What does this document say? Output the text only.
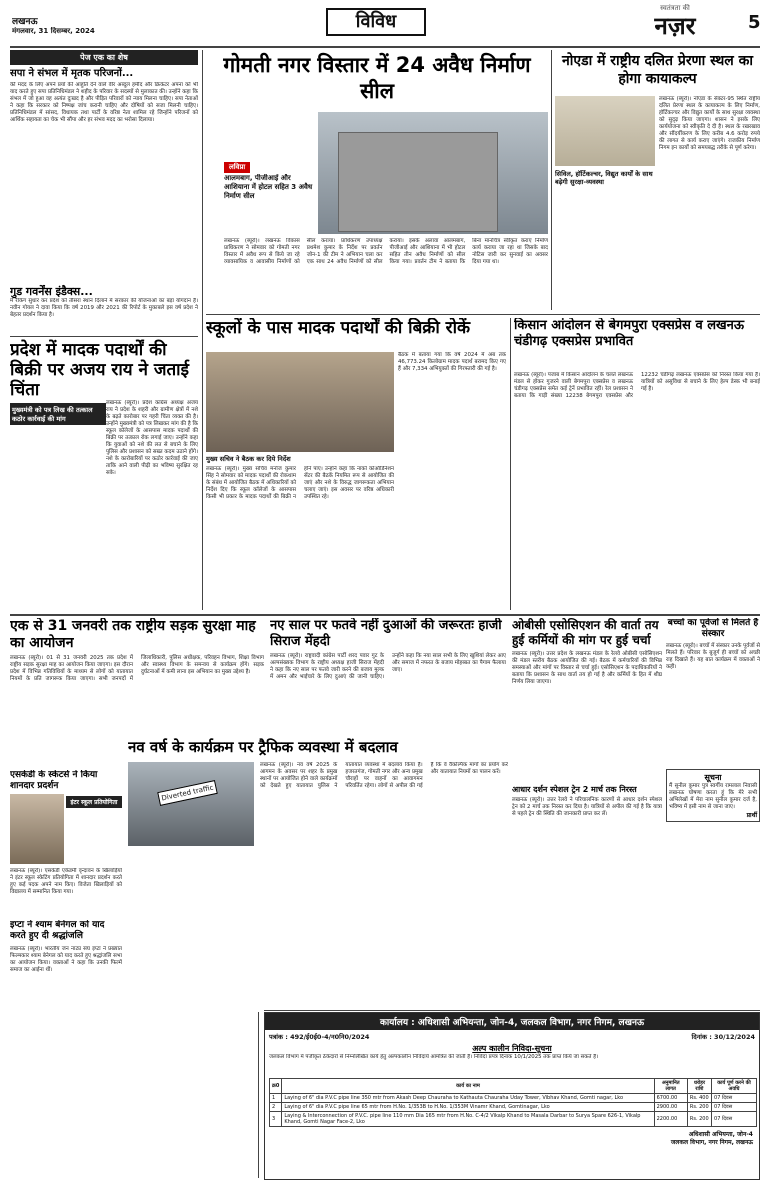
लखनऊ
मंगलवार, 31 दिसम्बर, 2024	विविध
स्वतंत्रता की
नज़र	5
पेज एक का शेष
सपा ने संभल में मृतक परिजनों...
की मदद के लिए अपने प्रयों की आहुति देने वाले वीर अब्दुल हमीद और क्रिकेटर अपना को भी याद करते हुए सपा प्रतिनिधिमंडल ने शहीद के परिवार के सदस्यों से मुलाकात की। उन्होंने कहा कि संभल में जो हुआ वह अत्यंत दुःखद है और पीड़ित परिवारों को न्याय मिलना चाहिए। सपा नेताओं ने कहा कि सरकार को निष्पक्ष जांच करानी चाहिए और दोषियों को सजा मिलनी चाहिए। प्रतिनिधिमंडल में सांसद, विधायक तथा पार्टी के वरिष्ठ नेता शामिल रहे जिन्होंने परिजनों को आर्थिक सहायता का चेक भी सौंपा और हर संभव मदद का भरोसा दिलाया।
गुड गवर्नेंस इंडैक्स...
में रैंकिंग सुधार कर प्रदेश को तीसरा स्थान दिलाने में सरकार की योजनाओं का बड़ा योगदान है। नवीन गोयल ने दावा किया कि वर्ष 2019 और 2021 की रिपोर्ट के मुकाबले इस वर्ष प्रदेश ने बेहतर प्रदर्शन किया है।
प्रदेश में मादक पदार्थों की बिक्री पर अजय राय ने जताई चिंता
मुख्यमंत्री को पत्र लिख की तत्काल कठोर कार्रवाई की मांग
लखनऊ (ब्यूरो)। प्रदेश कांग्रेस अध्यक्ष अजय राय ने प्रदेश के शहरी और ग्रामीण क्षेत्रों में नशे के बढ़ते कारोबार पर गहरी चिंता व्यक्त की है। उन्होंने मुख्यमंत्री को पत्र लिखकर मांग की है कि स्कूल कॉलेजों के आसपास मादक पदार्थों की बिक्री पर तत्काल रोक लगाई जाए। उन्होंने कहा कि युवाओं को नशे की लत से बचाने के लिए पुलिस और प्रशासन को सख्त कदम उठाने होंगे। नशे के कारोबारियों पर कठोर कार्रवाई की जाए ताकि आने वाली पीढ़ी का भविष्य सुरक्षित रह सके।
गोमती नगर विस्तार में 24 अवैध निर्माण सील
लविप्रा
आलमबाग, पीजीआई और आशियाना में होटल सहित 3 अवैध निर्माण सील
लखनऊ (ब्यूरो)। लखनऊ विकास प्राधिकरण ने सोमवार को गोमती नगर विस्तार में अवैध रूप से किये जा रहे व्यावसायिक व आवासीय निर्माणों को सील कराया। प्राधिकरण उपाध्यक्ष प्रथमेश कुमार के निर्देश पर प्रवर्तन जोन-1 की टीम ने अभियान चला कर एक साथ 24 अवैध निर्माणों को सील कराया। इसके अलावा आलमबाग, पीजीआई और आशियाना में भी होटल सहित तीन अवैध निर्माणों को सील किया गया। प्रवर्तन टीम ने बताया कि बिना मानचित्र स्वीकृत कराए निर्माण कार्य कराया जा रहा था जिसके बाद नोटिस जारी कर सुनवाई का अवसर दिया गया था।
नोएडा में राष्ट्रीय दलित प्रेरणा स्थल का होगा कायाकल्प
सिविल, हॉर्टिकल्चर, विद्युत कार्यों के साथ बढ़ेगी सुरक्षा-व्यवस्था
लखनऊ (ब्यूरो)। नोएडा के सेक्टर-95 स्थित राष्ट्रीय दलित प्रेरणा स्थल के कायाकल्प के लिए निर्माण, हॉर्टिकल्चर और विद्युत कार्यों के साथ सुरक्षा व्यवस्था को सुदृढ़ किया जाएगा। शासन ने इसके लिए कार्ययोजना को स्वीकृति दे दी है। स्थल के रखरखाव और सौंदर्यीकरण के लिए करीब 4.6 करोड़ रुपये की लागत से कार्य कराए जाएंगे। राजकीय निर्माण निगम इन कार्यों को समयबद्ध तरीके से पूर्ण करेगा।
स्कूलों के पास मादक पदार्थों की बिक्री रोकें
मुख्य सचिव ने बैठक कर दिये निर्देश
लखनऊ (ब्यूरो)। मुख्य सचिव मनोज कुमार सिंह ने सोमवार को मादक पदार्थों की रोकथाम के संबंध में आयोजित बैठक में अधिकारियों को निर्देश दिए कि स्कूल कॉलेजों के आसपास किसी भी प्रकार के मादक पदार्थों की बिक्री न होने पाए। उन्होंने कहा कि नार्को कोऑर्डिनेशन सेंटर की बैठकें नियमित रूप से आयोजित की जाएं और नशे के विरुद्ध जागरूकता अभियान चलाए जाएं। इस अवसर पर वरिष्ठ अधिकारी उपस्थित रहे।
बैठक में बताया गया कि वर्ष 2024 में अब तक 46,773.24 किलोग्राम मादक पदार्थ बरामद किए गए हैं और 7,334 अभियुक्तों की गिरफ्तारी की गई है।
किसान आंदोलन से बेगमपुरा एक्सप्रेस व लखनऊ चंडीगढ़ एक्सप्रेस प्रभावित
लखनऊ (ब्यूरो)। पंजाब में किसान आंदोलन के चलते लखनऊ मंडल से होकर गुजरने वाली बेगमपुरा एक्सप्रेस व लखनऊ चंडीगढ़ एक्सप्रेस समेत कई ट्रेनें प्रभावित रहीं। रेल प्रशासन ने बताया कि गाड़ी संख्या 12238 बेगमपुरा एक्सप्रेस और 12232 चंडीगढ़ लखनऊ एक्सप्रेस को निरस्त किया गया है। यात्रियों को असुविधा से बचाने के लिए हेल्प डेस्क भी बनाई गई है।
एक से 31 जनवरी तक राष्ट्रीय सड़क सुरक्षा माह का आयोजन
लखनऊ (ब्यूरो)। 01 से 31 जनवरी 2025 तक प्रदेश में राष्ट्रीय सड़क सुरक्षा माह का आयोजन किया जाएगा। इस दौरान प्रदेश में विभिन्न गतिविधियों के माध्यम से लोगों को यातायात नियमों के प्रति जागरूक किया जाएगा। सभी जनपदों में जिलाधिकारी, पुलिस अधीक्षक, परिवहन विभाग, शिक्षा विभाग और स्वास्थ्य विभाग के समन्वय से कार्यक्रम होंगे। सड़क दुर्घटनाओं में कमी लाना इस अभियान का मुख्य उद्देश्य है।
नए साल पर फतवे नहीं दुआओं की जरूरतः हाजी सिराज मेंहदी
लखनऊ (ब्यूरो)। राष्ट्रवादी कांग्रेस पार्टी शरद पवार गुट के अल्पसंख्यक विभाग के राष्ट्रीय अध्यक्ष हाजी सिराज मेंहदी ने कहा कि नए साल पर फतवे जारी करने की बजाय मुल्क में अमन और भाईचारे के लिए दुआएं की जानी चाहिए। उन्होंने कहा कि नया साल सभी के लिए खुशियां लेकर आए और समाज में नफरत के बजाय मोहब्बत का पैगाम फैलाया जाए।
ओबीसी एसोसिएशन की वार्ता तय हुई कर्मियों की मांग पर हुई चर्चा
लखनऊ (ब्यूरो)। उत्तर प्रदेश के लखनऊ मंडल के रेलवे ओबीसी एसोसिएशन की मंडल स्तरीय बैठक आयोजित की गई। बैठक में कर्मचारियों की विभिन्न समस्याओं और मांगों पर विस्तार से चर्चा हुई। एसोसिएशन के पदाधिकारियों ने बताया कि प्रशासन के साथ वार्ता तय हो गई है और कर्मियों के हित में शीघ्र निर्णय लिया जाएगा।
आधार दर्शन स्पेशल ट्रेन 2 मार्च तक निरस्त
लखनऊ (ब्यूरो)। उत्तर रेलवे ने परिचालनिक कारणों से आधार दर्शन स्पेशल ट्रेन को 2 मार्च तक निरस्त कर दिया है। यात्रियों से अपील की गई है कि यात्रा से पहले ट्रेन की स्थिति की जानकारी प्राप्त कर लें।
बच्चों का पूर्वजों से मिलते है संस्कार
लखनऊ (ब्यूरो)। बच्चों में संस्कार उनके पूर्वजों से मिलते हैं। परिवार के बुजुर्ग ही बच्चों को अच्छी राह दिखाते हैं। यह बात कार्यक्रम में वक्ताओं ने कही।
सूचना
मैं सुनील कुमार पुत्र स्वर्गीय रामलाल निवासी लखनऊ घोषणा करता हूं कि मेरे सभी अभिलेखों में मेरा नाम सुनील कुमार दर्ज है, भविष्य में इसी नाम से जाना जाए।
प्रार्थी
एसकेडी के स्केटर्स ने किया शानदार प्रदर्शन
इंटर स्कूल प्रतियोगिता
लखनऊ (ब्यूरो)। एसकेडी एकेडमी वृन्दावन के खिलाड़ियों ने इंटर स्कूल स्केटिंग प्रतियोगिता में शानदार प्रदर्शन करते हुए कई पदक अपने नाम किए। विजेता खिलाड़ियों को विद्यालय में सम्मानित किया गया।
इप्टा ने श्याम बेनेगल को याद करते हुए दी श्रद्धांजलि
लखनऊ (ब्यूरो)। भारतीय जन नाट्य संघ इप्टा ने प्रख्यात फिल्मकार श्याम बेनेगल को याद करते हुए श्रद्धांजलि सभा का आयोजन किया। वक्ताओं ने कहा कि उनकी फिल्में समाज का आईना थीं।
नव वर्ष के कार्यक्रम पर ट्रैफिक व्यवस्था में बदलाव
Diverted traffic
लखनऊ (ब्यूरो)। नव वर्ष 2025 के आगमन के अवसर पर शहर के प्रमुख स्थानों पर आयोजित होने वाले कार्यक्रमों को देखते हुए यातायात पुलिस ने यातायात व्यवस्था में बदलाव किया है। हजरतगंज, गोमती नगर और अन्य प्रमुख चौराहों पर वाहनों का आवागमन परिवर्तित रहेगा। लोगों से अपील की गई है कि वे वैकल्पिक मार्गों का प्रयोग करें और यातायात नियमों का पालन करें।
कार्यालय : अधिशासी अभियन्ता, जोन-4, जलकल विभाग, नगर निगम, लखनऊ
पत्रांक : 492/ई0ई0-4/न0नि0/2024	दिनांक : 30/12/2024
अल्प कालीन निविदा-सूचना
जलकल विभाग में पंजीकृत ठेकेदारों से निम्नलिखित कार्य हेतु अल्पकालीन निविदायें आमंत्रित की जाती हैं। निविदा प्रपत्र दिनांक 10/1/2025 तक प्राप्त किये जा सकते हैं।
क्र0	कार्य का नाम	अनुमानित लागत	धरोहर राशि	कार्य पूर्ण करने की अवधि
1	Laying of 6" dia P.V.C pipe line 350 mtr from Akash Deep Chauraha to Kathauta Chauraha Uday Tower, Vibhav Khand, Gomti nagar, Lko	6700.00	Rs. 400	07 दिवस
2	Laying of 6" dia P.V.C pipe line 65 mtr from H.No. 1/353B to H.No. 1/353M Vinamr Khand, Gomtinagar, Lko	2900.00	Rs. 200	07 दिवस
3	Laying & Interconnection of P.V.C. pipe line 110 mm Dia 165 mtr from H.No. C-4/2 Vikalp Khand to Masala Darbar to Surya Spare 626-1, Vikalp Khand, Gomti Nagar Face-2, Lko	2200.00	Rs. 200	07 दिवस
अधिशासी अभियन्ता, जोन-4
जलकल विभाग, नगर निगम, लखनऊ
